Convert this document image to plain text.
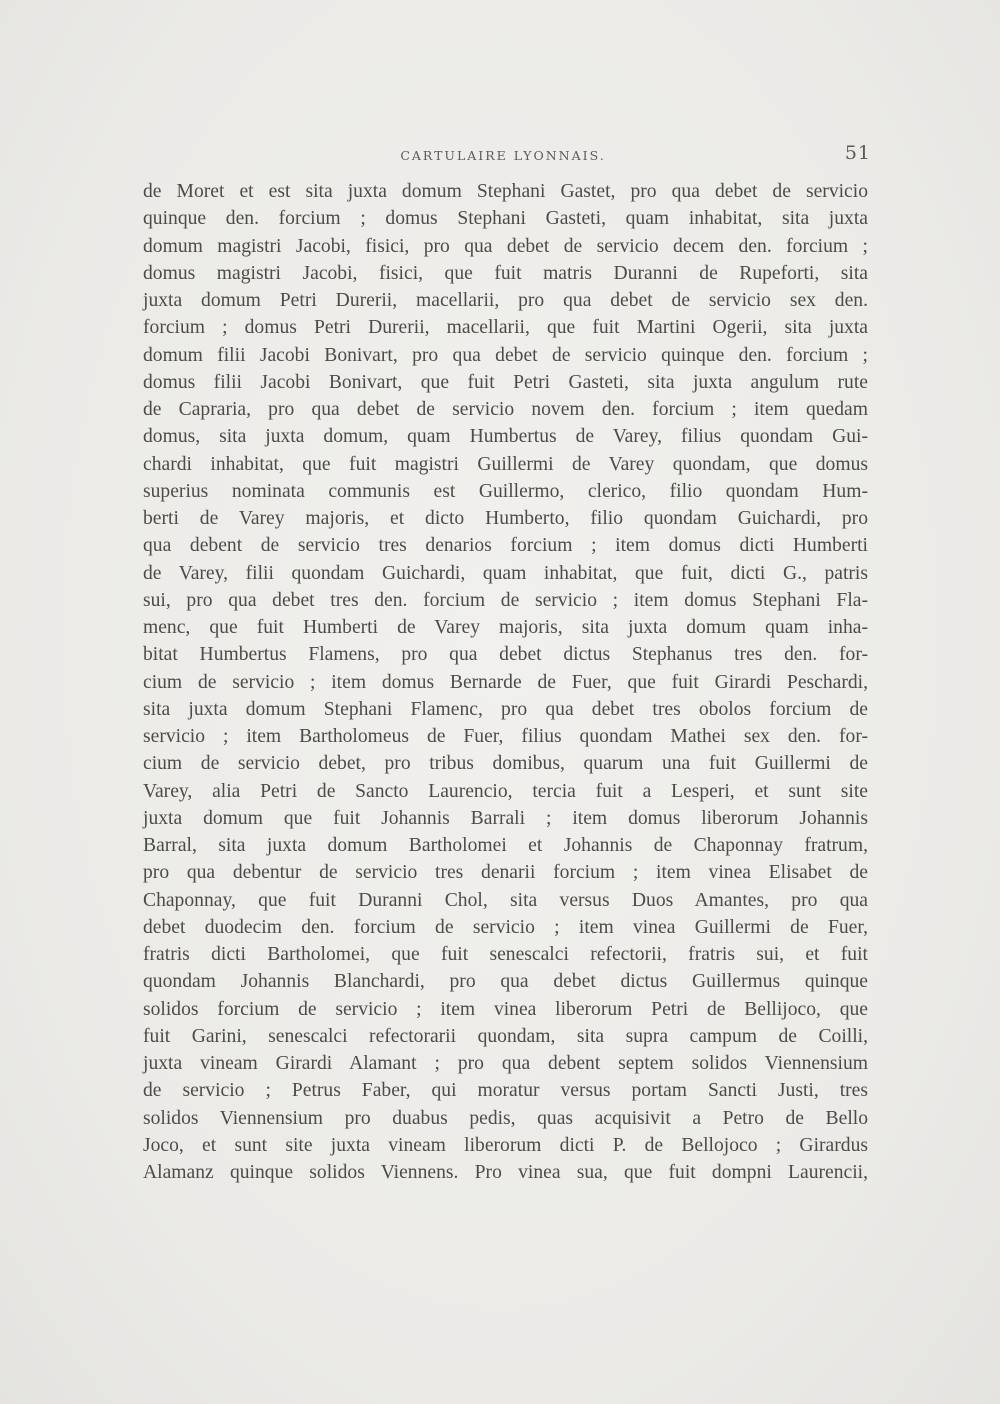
CARTULAIRE LYONNAIS.	51
de Moret et est sita juxta domum Stephani Gastet, pro qua debet de servicio
quinque den. forcium ; domus Stephani Gasteti, quam inhabitat, sita juxta
domum magistri Jacobi, fisici, pro qua debet de servicio decem den. forcium ;
domus magistri Jacobi, fisici, que fuit matris Duranni de Rupeforti, sita
juxta domum Petri Durerii, macellarii, pro qua debet de servicio sex den.
forcium ; domus Petri Durerii, macellarii, que fuit Martini Ogerii, sita juxta
domum filii Jacobi Bonivart, pro qua debet de servicio quinque den. forcium ;
domus filii Jacobi Bonivart, que fuit Petri Gasteti, sita juxta angulum rute
de Capraria, pro qua debet de servicio novem den. forcium ; item quedam
domus, sita juxta domum, quam Humbertus de Varey, filius quondam Gui-
chardi inhabitat, que fuit magistri Guillermi de Varey quondam, que domus
superius nominata communis est Guillermo, clerico, filio quondam Hum-
berti de Varey majoris, et dicto Humberto, filio quondam Guichardi, pro
qua debent de servicio tres denarios forcium ; item domus dicti Humberti
de Varey, filii quondam Guichardi, quam inhabitat, que fuit, dicti G., patris
sui, pro qua debet tres den. forcium de servicio ; item domus Stephani Fla-
menc, que fuit Humberti de Varey majoris, sita juxta domum quam inha-
bitat Humbertus Flamens, pro qua debet dictus Stephanus tres den. for-
cium de servicio ; item domus Bernarde de Fuer, que fuit Girardi Peschardi,
sita juxta domum Stephani Flamenc, pro qua debet tres obolos forcium de
servicio ; item Bartholomeus de Fuer, filius quondam Mathei sex den. for-
cium de servicio debet, pro tribus domibus, quarum una fuit Guillermi de
Varey, alia Petri de Sancto Laurencio, tercia fuit a Lesperi, et sunt site
juxta domum que fuit Johannis Barrali ; item domus liberorum Johannis
Barral, sita juxta domum Bartholomei et Johannis de Chaponnay fratrum,
pro qua debentur de servicio tres denarii forcium ; item vinea Elisabet de
Chaponnay, que fuit Duranni Chol, sita versus Duos Amantes, pro qua
debet duodecim den. forcium de servicio ; item vinea Guillermi de Fuer,
fratris dicti Bartholomei, que fuit senescalci refectorii, fratris sui, et fuit
quondam Johannis Blanchardi, pro qua debet dictus Guillermus quinque
solidos forcium de servicio ; item vinea liberorum Petri de Bellijoco, que
fuit Garini, senescalci refectorarii quondam, sita supra campum de Coilli,
juxta vineam Girardi Alamant ; pro qua debent septem solidos Viennensium
de servicio ; Petrus Faber, qui moratur versus portam Sancti Justi, tres
solidos Viennensium pro duabus pedis, quas acquisivit a Petro de Bello
Joco, et sunt site juxta vineam liberorum dicti P. de Bellojoco ; Girardus
Alamanz quinque solidos Viennens. Pro vinea sua, que fuit dompni Laurencii,
